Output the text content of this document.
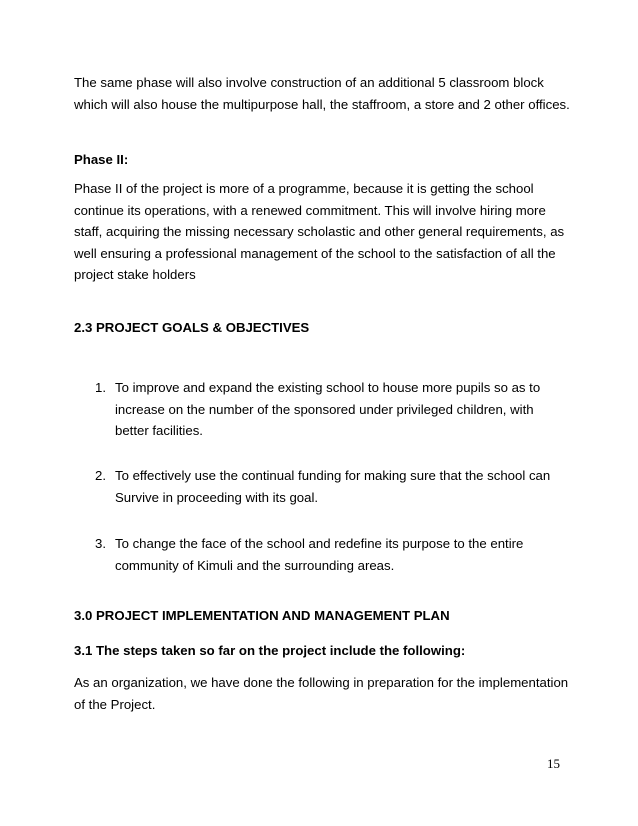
The same phase will also involve construction of an additional 5 classroom block which will also house the multipurpose hall, the staffroom, a store and 2 other offices.

Phase II:

Phase II of the project is more of a programme, because it is getting the school continue its operations, with a renewed commitment. This will involve hiring more staff, acquiring the missing necessary scholastic and other general requirements, as well ensuring a professional management of the school to the satisfaction of all the project stake holders

2.3 PROJECT GOALS & OBJECTIVES

1. To improve and expand the existing school to house more pupils so as to increase on the number of the sponsored under privileged children, with better facilities.
2. To effectively use the continual funding for making sure that the school can Survive in proceeding with its goal.
3. To change the face of the school and redefine its purpose to the entire community of Kimuli and the surrounding areas.

3.0 PROJECT IMPLEMENTATION AND MANAGEMENT PLAN

3.1 The steps taken so far on the project include the following:

As an organization, we have done the following in preparation for the implementation of the Project.

15
